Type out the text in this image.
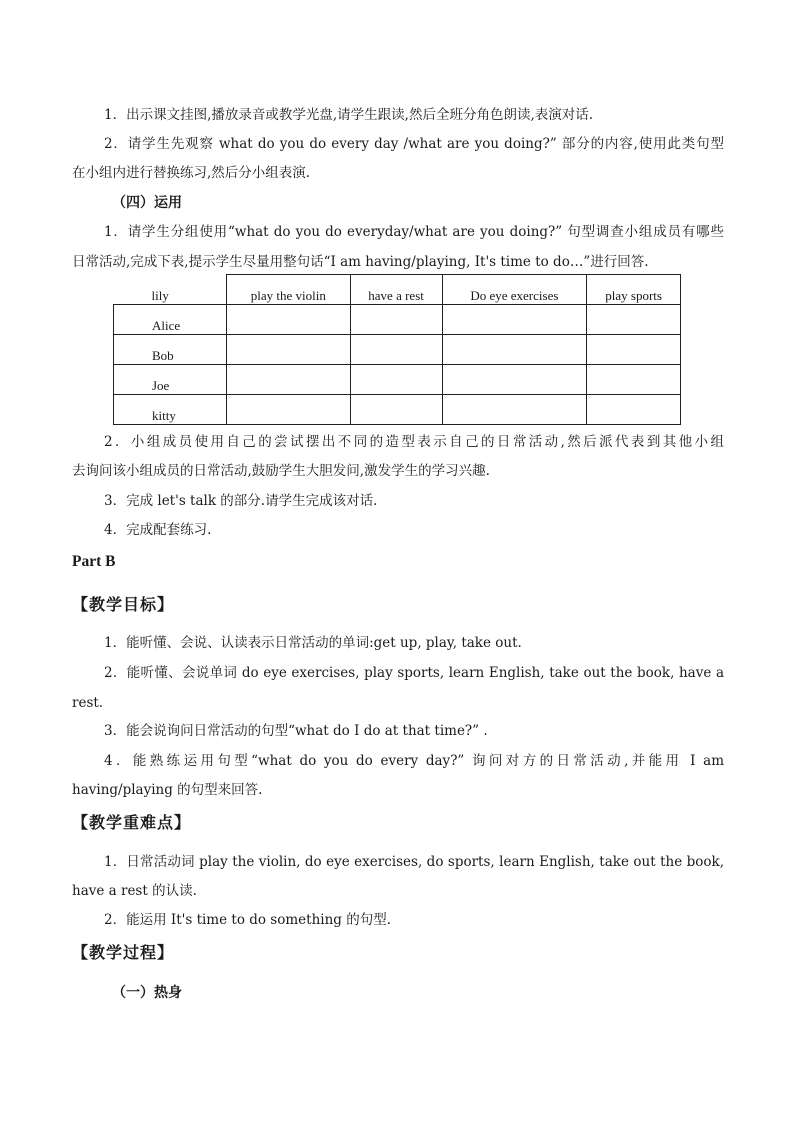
1．出示课文挂图,播放录音或教学光盘,请学生跟读,然后全班分角色朗读,表演对话.
2．请学生先观察 what do you do every day /what are you doing?” 部分的内容,使用此类句型
在小组内进行替换练习,然后分小组表演.
（四）运用
1．请学生分组使用“what do you do everyday/what are you doing?” 句型调查小组成员有哪些
日常活动,完成下表,提示学生尽量用整句话“I am having/playing, It's time to do…”进行回答.
lily	play the violin	have a rest	Do eye exercises	play sports
Alice				
Bob				
Joe				
kitty				
2．小组成员使用自己的尝试摆出不同的造型表示自己的日常活动,然后派代表到其他小组
去询问该小组成员的日常活动,鼓励学生大胆发问,激发学生的学习兴趣.
3．完成 let's talk 的部分.请学生完成该对话.
4．完成配套练习.
Part B
【教学目标】
1．能听懂、会说、认读表示日常活动的单词:get up, play, take out.
2．能听懂、会说单词 do eye exercises, play sports, learn English, take out the book, have a
rest.
3．能会说询问日常活动的句型“what do I do at that time?” .
4．能熟练运用句型“what do you do every day?” 询问对方的日常活动,并能用 I am
having/playing 的句型来回答.
【教学重难点】
1．日常活动词 play the violin, do eye exercises, do sports, learn English, take out the book,
have a rest 的认读.
2．能运用 It's time to do something 的句型.
【教学过程】
（一）热身
